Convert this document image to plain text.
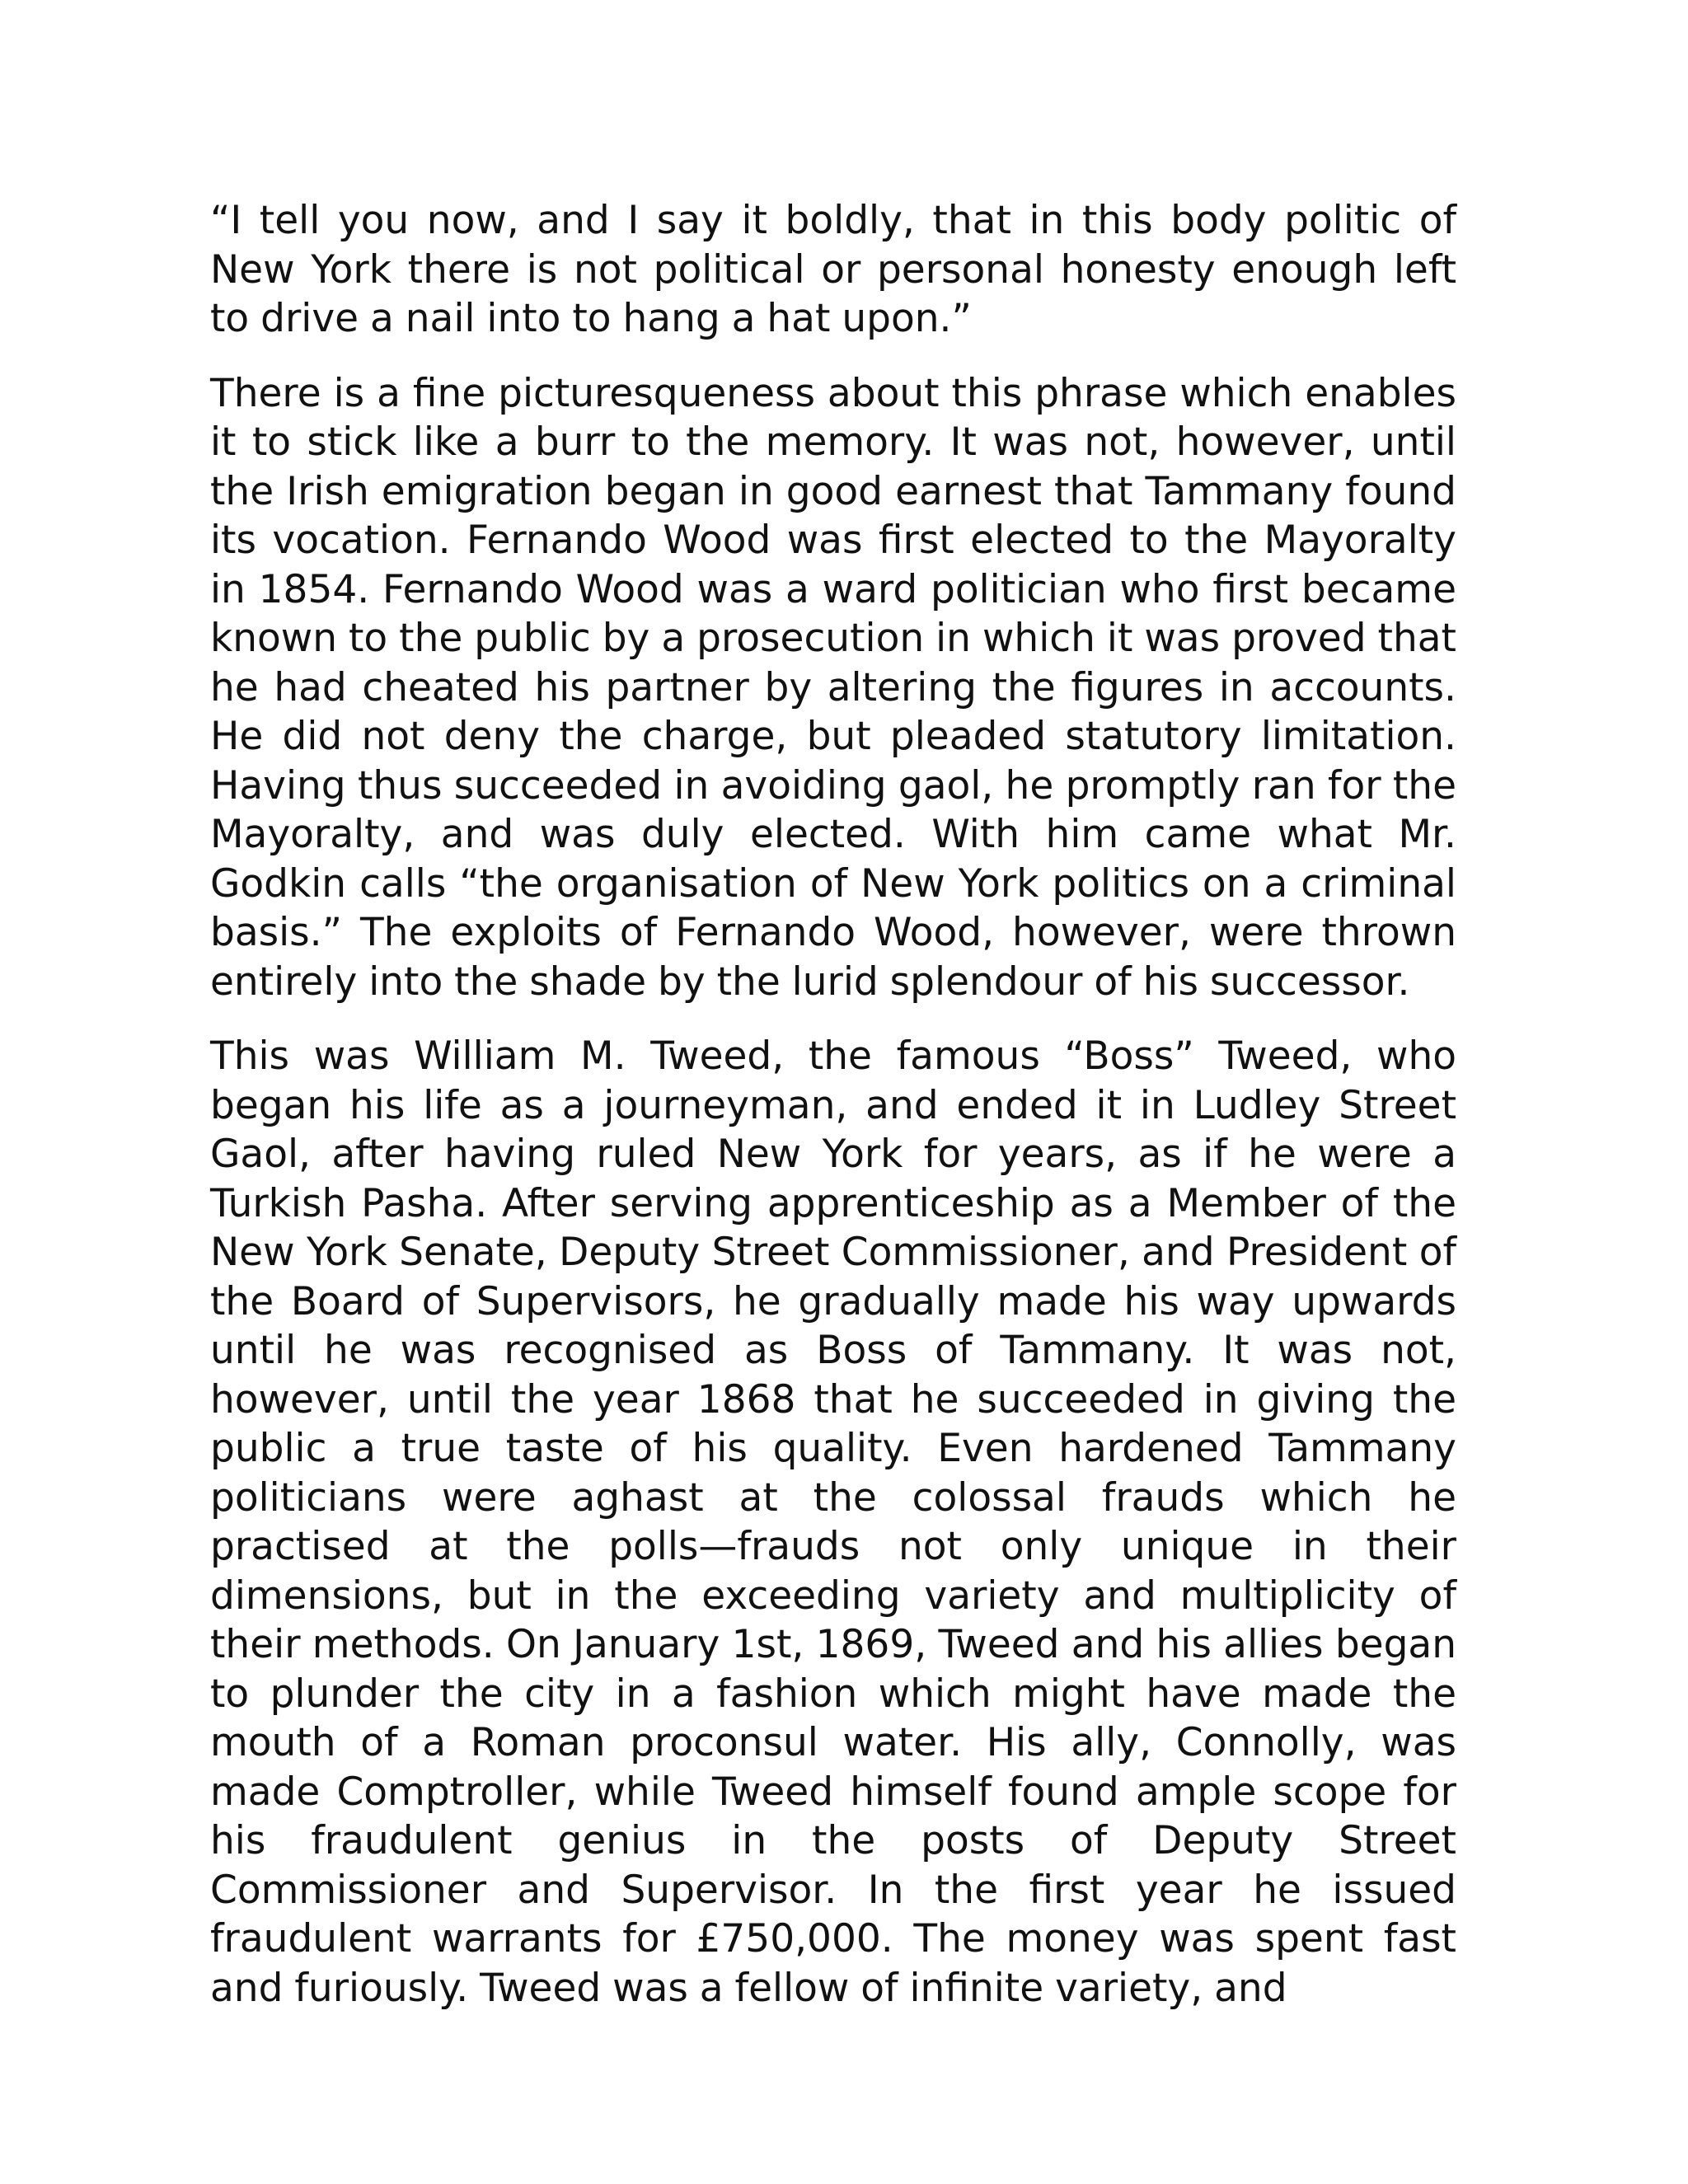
“I tell you now, and I say it boldly, that in this body politic of New York there is not political or personal honesty enough left to drive a nail into to hang a hat upon.”

There is a fine picturesqueness about this phrase which enables it to stick like a burr to the memory. It was not, however, until the Irish emigration began in good earnest that Tammany found its vocation. Fernando Wood was first elected to the Mayoralty in 1854. Fernando Wood was a ward politician who first became known to the public by a prosecution in which it was proved that he had cheated his partner by altering the figures in accounts. He did not deny the charge, but pleaded statutory limitation. Having thus succeeded in avoiding gaol, he promptly ran for the Mayoralty, and was duly elected. With him came what Mr. Godkin calls “the organisation of New York politics on a criminal basis.” The exploits of Fernando Wood, however, were thrown entirely into the shade by the lurid splendour of his successor.

This was William M. Tweed, the famous “Boss” Tweed, who began his life as a journeyman, and ended it in Ludley Street Gaol, after having ruled New York for years, as if he were a Turkish Pasha. After serving apprenticeship as a Member of the New York Senate, Deputy Street Commissioner, and President of the Board of Supervisors, he gradually made his way upwards until he was recognised as Boss of Tammany. It was not, however, until the year 1868 that he succeeded in giving the public a true taste of his quality. Even hardened Tammany politicians were aghast at the colossal frauds which he practised at the polls—frauds not only unique in their dimensions, but in the exceeding variety and multiplicity of their methods. On January 1st, 1869, Tweed and his allies began to plunder the city in a fashion which might have made the mouth of a Roman proconsul water. His ally, Connolly, was made Comptroller, while Tweed himself found ample scope for his fraudulent genius in the posts of Deputy Street Commissioner and Supervisor. In the first year he issued fraudulent warrants for £750,000. The money was spent fast and furiously. Tweed was a fellow of infinite variety, and
